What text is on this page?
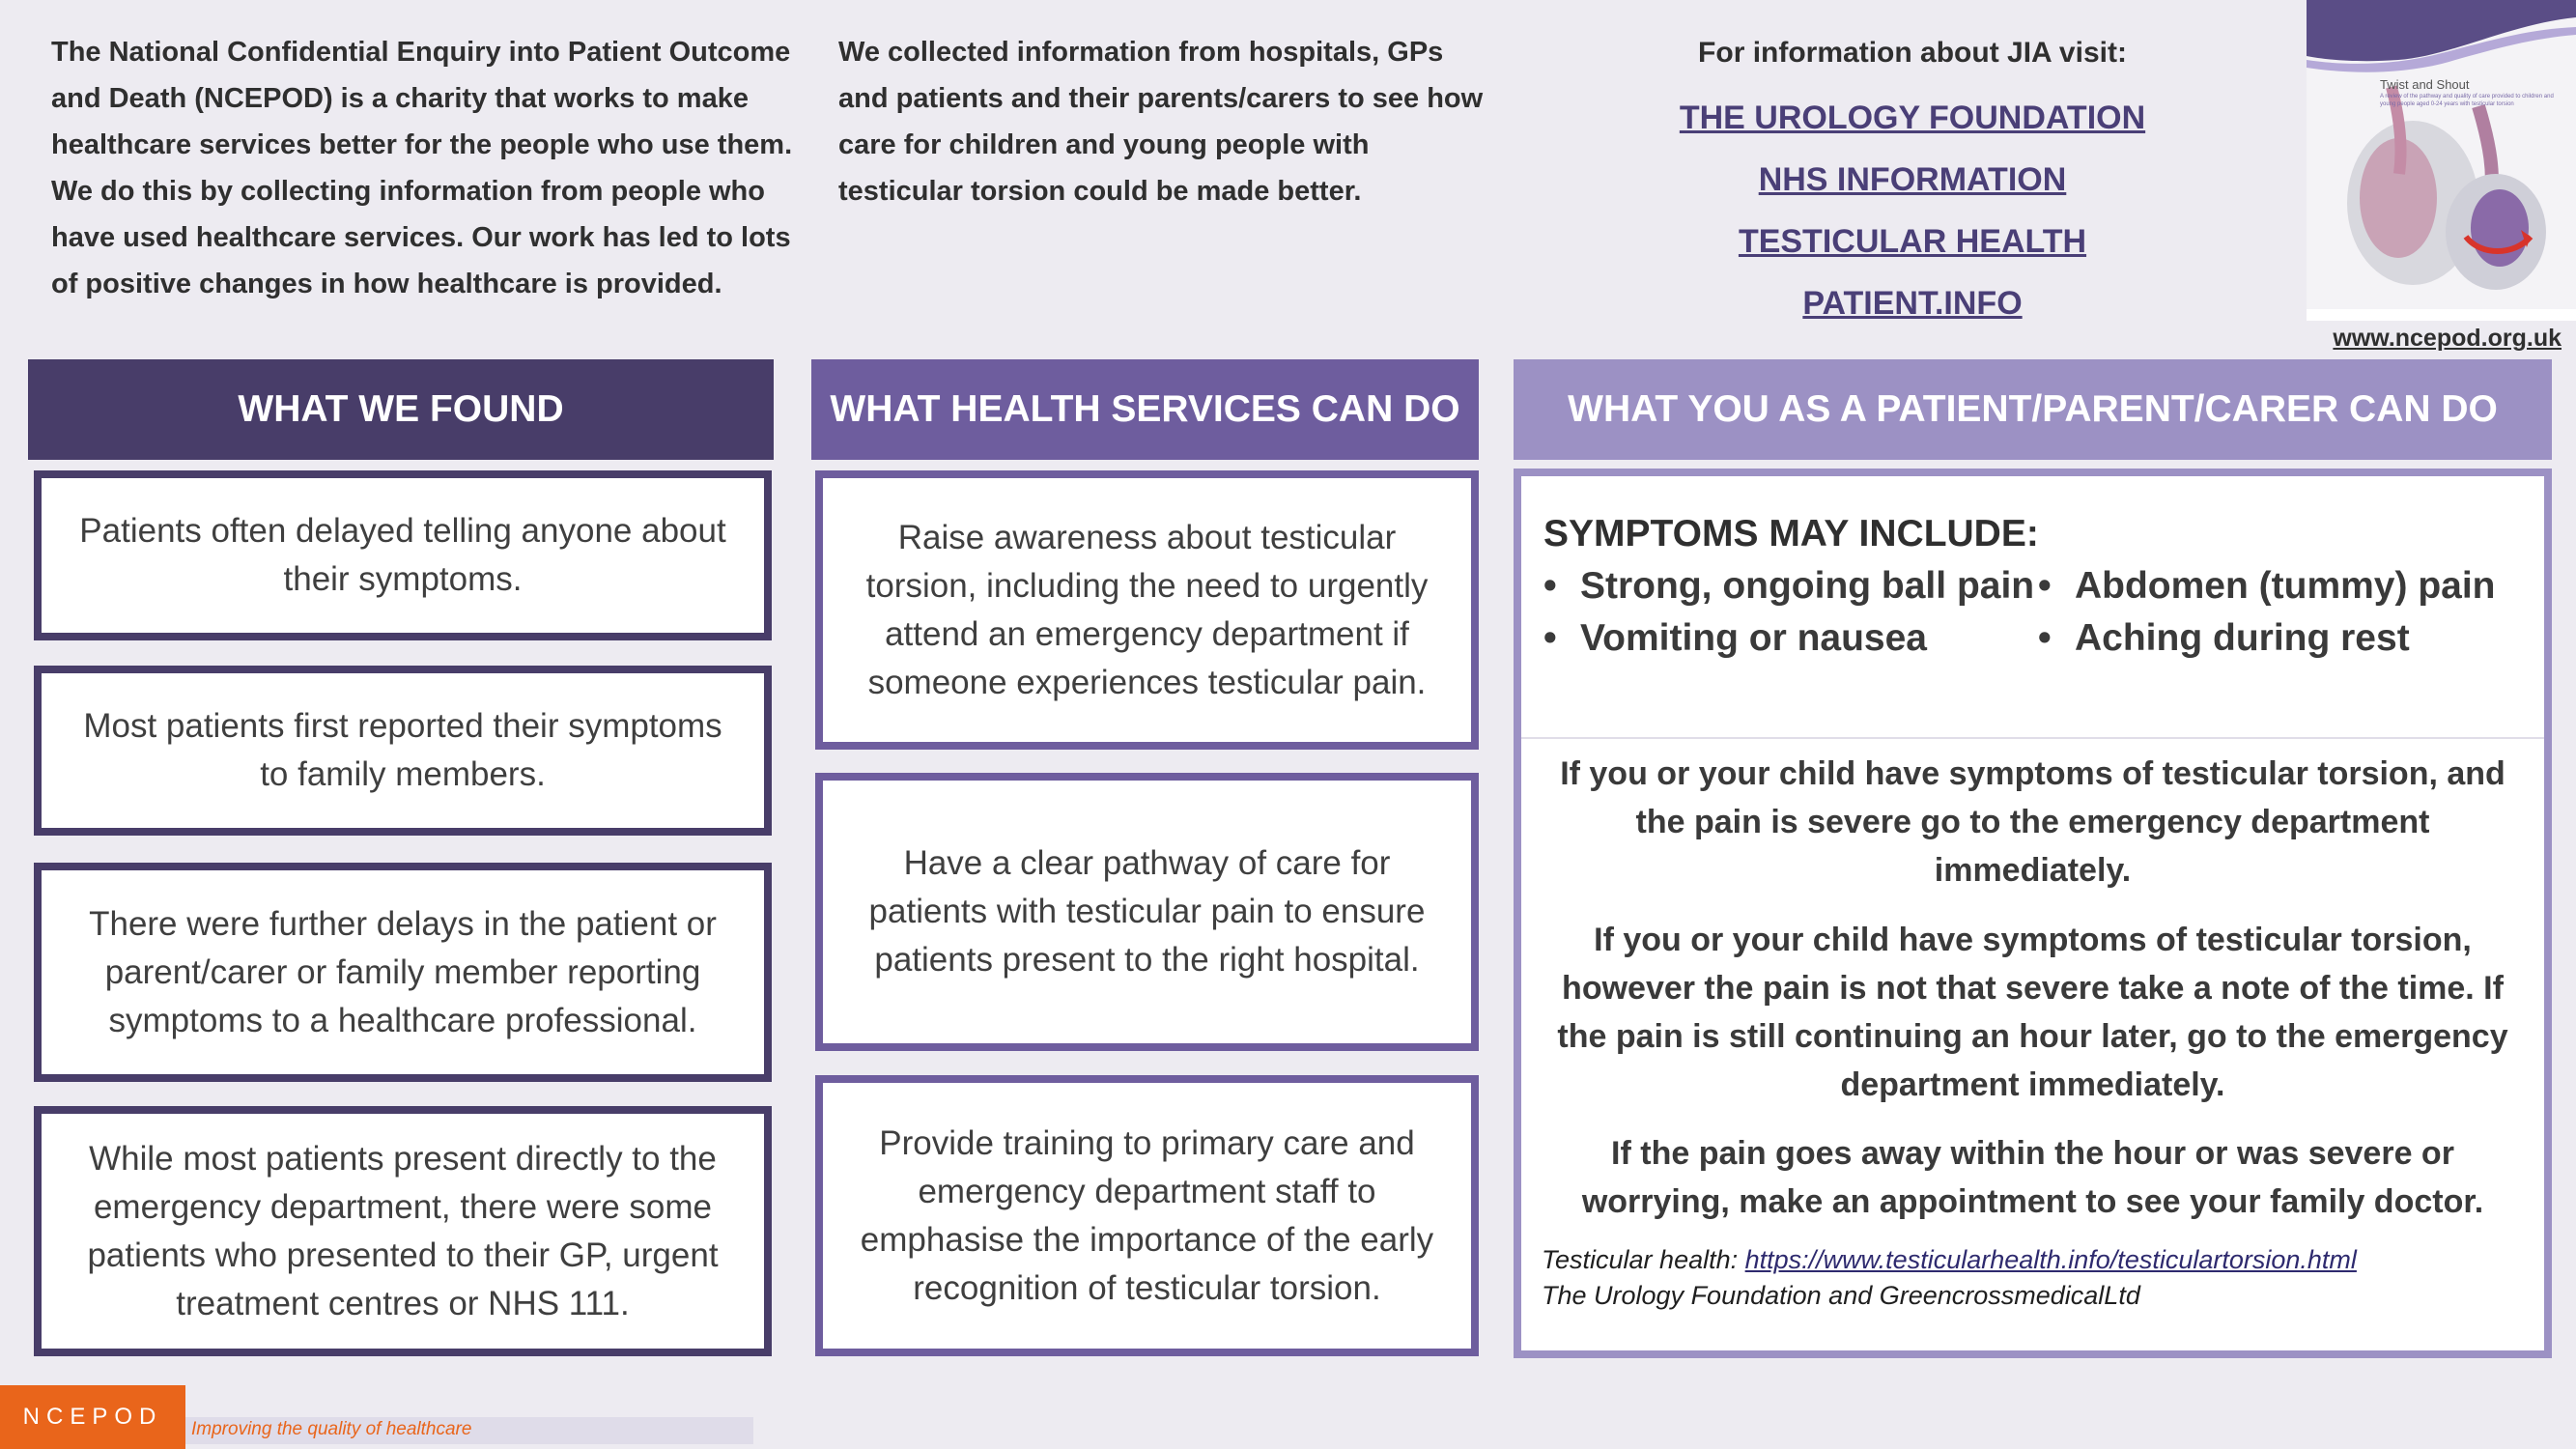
The National Confidential Enquiry into Patient Outcome and Death (NCEPOD) is a charity that works to make healthcare services better for the people who use them. We do this by collecting information from people who have used healthcare services. Our work has led to lots of positive changes in how healthcare is provided.
We collected information from hospitals, GPs and patients and their parents/carers to see how care for children and young people with testicular torsion could be made better.
For information about JIA visit:
THE UROLOGY FOUNDATION
NHS INFORMATION
TESTICULAR HEALTH
PATIENT.INFO
Twist and Shout
A review of the pathway and quality of care provided to children and young people aged 0-24 years with testicular torsion
www.ncepod.org.uk
WHAT WE FOUND	WHAT HEALTH SERVICES CAN DO	WHAT YOU AS A PATIENT/PARENT/CARER CAN DO
Patients often delayed telling anyone about their symptoms.
Most patients first reported their symptoms to family members.
There were further delays in the patient or parent/carer or family member reporting symptoms to a healthcare professional.
While most patients present directly to the emergency department, there were some patients who presented to their GP, urgent treatment centres or NHS 111.
Raise awareness about testicular torsion, including the need to urgently attend an emergency department if someone experiences testicular pain.
Have a clear pathway of care for patients with testicular pain to ensure patients present to the right hospital.
Provide training to primary care and emergency department staff to emphasise the importance of the early recognition of testicular torsion.
SYMPTOMS MAY INCLUDE:
• Strong, ongoing ball pain
• Vomiting or nausea
• Abdomen (tummy) pain
• Aching during rest
If you or your child have symptoms of testicular torsion, and the pain is severe go to the emergency department immediately.
If you or your child have symptoms of testicular torsion, however the pain is not that severe take a note of the time. If the pain is still continuing an hour later, go to the emergency department immediately.
If the pain goes away within the hour or was severe or worrying, make an appointment to see your family doctor.
Testicular health: https://www.testicularhealth.info/testiculartorsion.html
The Urology Foundation and GreencrossmedicalLtd
NCEPOD	Improving the quality of healthcare
